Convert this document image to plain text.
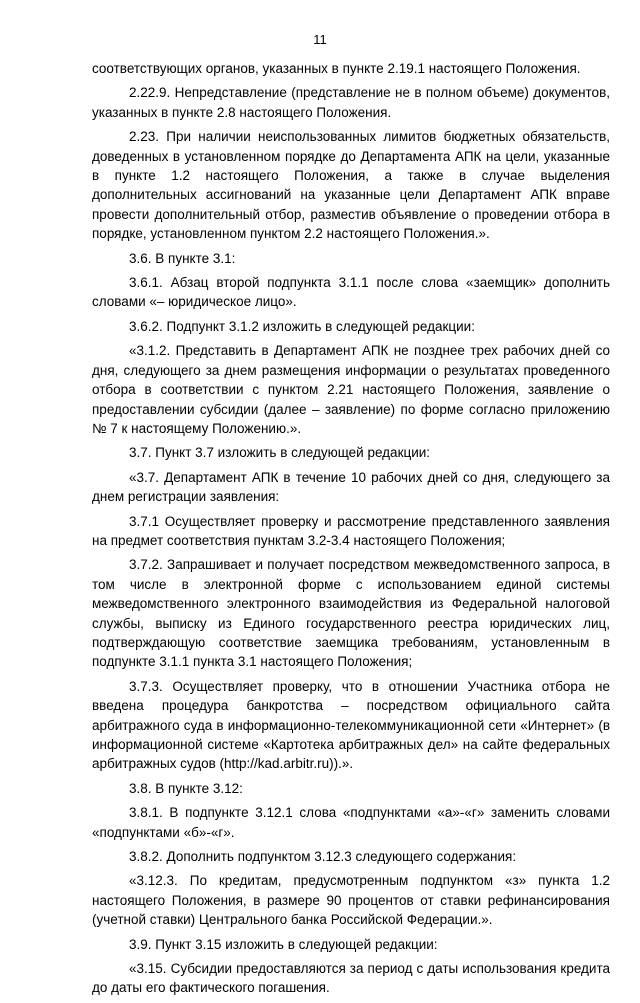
11

соответствующих органов, указанных в пункте 2.19.1 настоящего Положения.

2.22.9. Непредставление (представление не в полном объеме) документов, указанных в пункте 2.8 настоящего Положения.

2.23. При наличии неиспользованных лимитов бюджетных обязательств, доведенных в установленном порядке до Департамента АПК на цели, указанные в пункте 1.2 настоящего Положения, а также в случае выделения дополнительных ассигнований на указанные цели Департамент АПК вправе провести дополнительный отбор, разместив объявление о проведении отбора в порядке, установленном пунктом 2.2 настоящего Положения.».

3.6. В пункте 3.1:

3.6.1. Абзац второй подпункта 3.1.1 после слова «заемщик» дополнить словами «– юридическое лицо».

3.6.2. Подпункт 3.1.2 изложить в следующей редакции:

«3.1.2. Представить в Департамент АПК не позднее трех рабочих дней со дня, следующего за днем размещения информации о результатах проведенного отбора в соответствии с пунктом 2.21 настоящего Положения, заявление о предоставлении субсидии (далее – заявление) по форме согласно приложению № 7 к настоящему Положению.».

3.7. Пункт 3.7 изложить в следующей редакции:

«3.7. Департамент АПК в течение 10 рабочих дней со дня, следующего за днем регистрации заявления:

3.7.1 Осуществляет проверку и рассмотрение представленного заявления на предмет соответствия пунктам 3.2-3.4 настоящего Положения;

3.7.2. Запрашивает и получает посредством межведомственного запроса, в том числе в электронной форме с использованием единой системы межведомственного электронного взаимодействия из Федеральной налоговой службы, выписку из Единого государственного реестра юридических лиц, подтверждающую соответствие заемщика требованиям, установленным в подпункте 3.1.1 пункта 3.1 настоящего Положения;

3.7.3. Осуществляет проверку, что в отношении Участника отбора не введена процедура банкротства – посредством официального сайта арбитражного суда в информационно-телекоммуникационной сети «Интернет» (в информационной системе «Картотека арбитражных дел» на сайте федеральных арбитражных судов (http://kad.arbitr.ru)).».

3.8. В пункте 3.12:

3.8.1. В подпункте 3.12.1 слова «подпунктами «а»-«г» заменить словами «подпунктами «б»-«г».

3.8.2. Дополнить подпунктом 3.12.3 следующего содержания:

«3.12.3. По кредитам, предусмотренным подпунктом «з» пункта 1.2 настоящего Положения, в размере 90 процентов от ставки рефинансирования (учетной ставки) Центрального банка Российской Федерации.».

3.9. Пункт 3.15 изложить в следующей редакции:

«3.15. Субсидии предоставляются за период с даты использования кредита до даты его фактического погашения.
